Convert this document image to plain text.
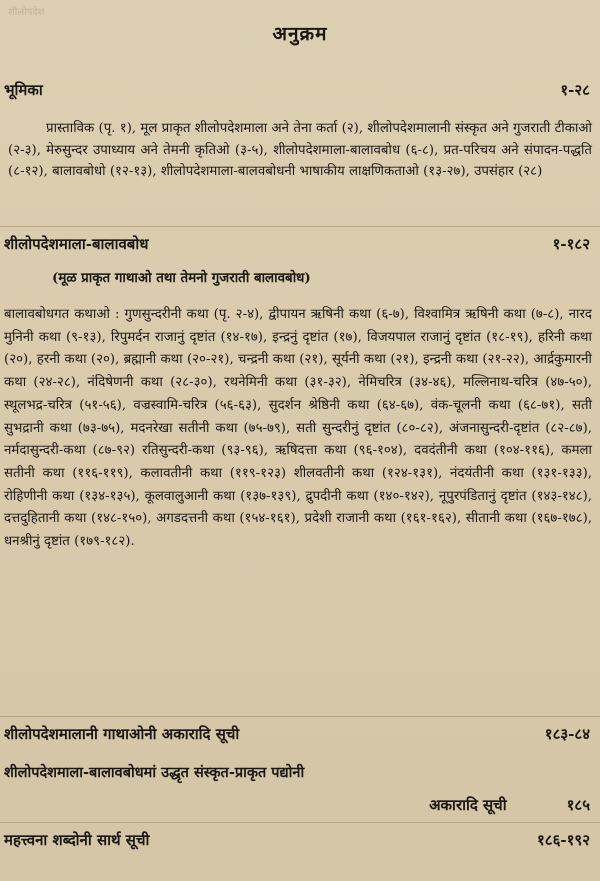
शीलोपदेश
अनुक्रम
भूमिका	१-२८

प्रास्ताविक (पृ. १), मूल प्राकृत शीलोपदेशमाला अने तेना कर्ता (२), शीलोपदेशमालानी संस्कृत अने गुजराती टीकाओ (२-३), मेरुसुन्दर उपाध्याय अने तेमनी कृतिओ (३-५), शीलोपदेशमाला-बालावबोध (६-८), प्रत-परिचय अने संपादन-पद्धति (८-१२), बालावबोधो (१२-१३), शीलोपदेशमाला-बालवबोधनी भाषाकीय लाक्षणिकताओ (१३-२७), उपसंहार (२८)

शीलोपदेशमाला-बालावबोध	१-१८२
(मूळ प्राकृत गाथाओ तथा तेमनो गुजराती बालावबोध)

बालावबोधगत कथाओ : गुणसुन्दरीनी कथा (पृ. २-४), द्वीपायन ऋषिनी कथा (६-७), विश्वामित्र ऋषिनी कथा (७-८), नारद मुनिनी कथा (९-१३), रिपुमर्दन राजानुं दृष्टांत (१४-१७), इन्द्रनुं दृष्टांत (१७), विजयपाल राजानुं दृष्टांत (१८-१९), हरिनी कथा (२०), हरनी कथा (२०), ब्रह्मानी कथा (२०-२१), चन्द्रनी कथा (२१), सूर्यनी कथा (२१), इन्द्रनी कथा (२१-२२), आर्द्रकुमारनी कथा (२४-२८), नंदिषेणनी कथा (२८-३०), रथनेमिनी कथा (३१-३२), नेमिचरित्र (३४-४६), मल्लिनाथ-चरित्र (४७-५०), स्थूलभद्र-चरित्र (५१-५६), वज्रस्वामि-चरित्र (५६-६३), सुदर्शन श्रेष्ठिनी कथा (६४-६७), वंक-चूलनी कथा (६८-७१), सती सुभद्रानी कथा (७३-७५), मदनरेखा सतीनी कथा (७५-७९), सती सुन्दरीनुं दृष्टांत (८०-८२), अंजनासुन्दरी-दृष्टांत (८२-८७), नर्मदासुन्दरी-कथा (८७-९२) रतिसुन्दरी-कथा (९३-९६), ऋषिदत्ता कथा (९६-१०४), दवदंतीनी कथा (१०४-११६), कमला सतीनी कथा (११६-११९), कलावतीनी कथा (११९-१२३) शीलवतीनी कथा (१२४-१३१), नंदयंतीनी कथा (१३१-१३३), रोहिणीनी कथा (१३४-१३५), कूलवालुआनी कथा (१३७-१३९), द्रुपदीनी कथा (१४०-१४२), नूपुरपंडितानुं दृष्टांत (१४३-१४८), दत्तदुहितानी कथा (१४८-१५०), अगडदत्तनी कथा (१५४-१६१), प्रदेशी राजानी कथा (१६१-१६२), सीतानी कथा (१६७-१७८), धनश्रीनुं दृष्टांत (१७९-१८२).

शीलोपदेशमालानी गाथाओनी अकारादि सूची	१८३-८४
शीलोपदेशमाला-बालावबोधमां उद्धृत संस्कृत-प्राकृत पद्योनी
अकारादि सूची	१८५
महत्त्वना शब्दोनी सार्थ सूची	१८६-१९२
